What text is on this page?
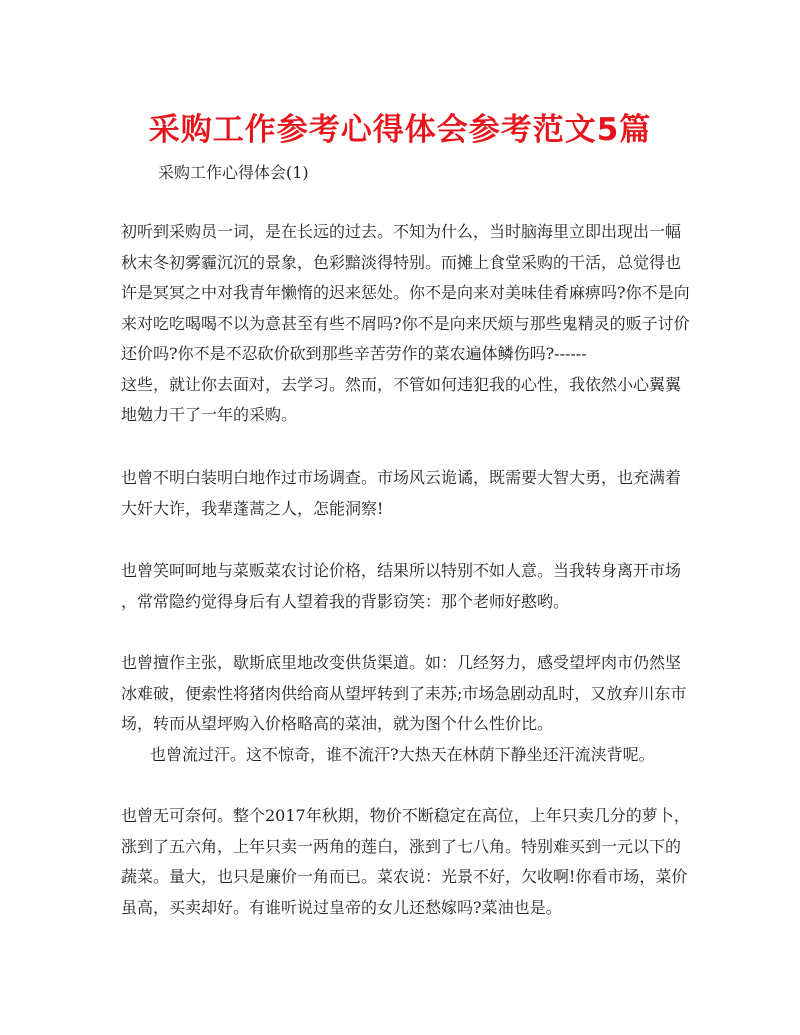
采购工作参考心得体会参考范文5篇

采购工作心得体会(1)

初听到采购员一词，是在长远的过去。不知为什么，当时脑海里立即出现出一幅
秋末冬初雾霾沉沉的景象，色彩黯淡得特别。而摊上食堂采购的干活，总觉得也
许是冥冥之中对我青年懒惰的迟来惩处。你不是向来对美味佳肴麻痹吗?你不是向
来对吃吃喝喝不以为意甚至有些不屑吗?你不是向来厌烦与那些鬼精灵的贩子讨价
还价吗?你不是不忍砍价砍到那些辛苦劳作的菜农遍体鳞伤吗?------
这些，就让你去面对，去学习。然而，不管如何违犯我的心性，我依然小心翼翼
地勉力干了一年的采购。

也曾不明白装明白地作过市场调查。市场风云诡谲，既需要大智大勇，也充满着
大奸大诈，我辈蓬蒿之人，怎能洞察!

也曾笑呵呵地与菜贩菜农讨论价格，结果所以特别不如人意。当我转身离开市场
，常常隐约觉得身后有人望着我的背影窃笑：那个老师好憨哟。

也曾擅作主张，歇斯底里地改变供货渠道。如：几经努力，感受望坪肉市仍然坚
冰难破，便索性将猪肉供给商从望坪转到了耒苏;市场急剧动乱时，又放弃川东市
场，转而从望坪购入价格略高的菜油，就为图个什么性价比。

也曾流过汗。这不惊奇，谁不流汗?大热天在林荫下静坐还汗流浃背呢。

也曾无可奈何。整个2017年秋期，物价不断稳定在高位，上年只卖几分的萝卜，
涨到了五六角，上年只卖一两角的莲白，涨到了七八角。特别难买到一元以下的
蔬菜。量大，也只是廉价一角而已。菜农说：光景不好，欠收啊!你看市场，菜价
虽高，买卖却好。有谁听说过皇帝的女儿还愁嫁吗?菜油也是。
